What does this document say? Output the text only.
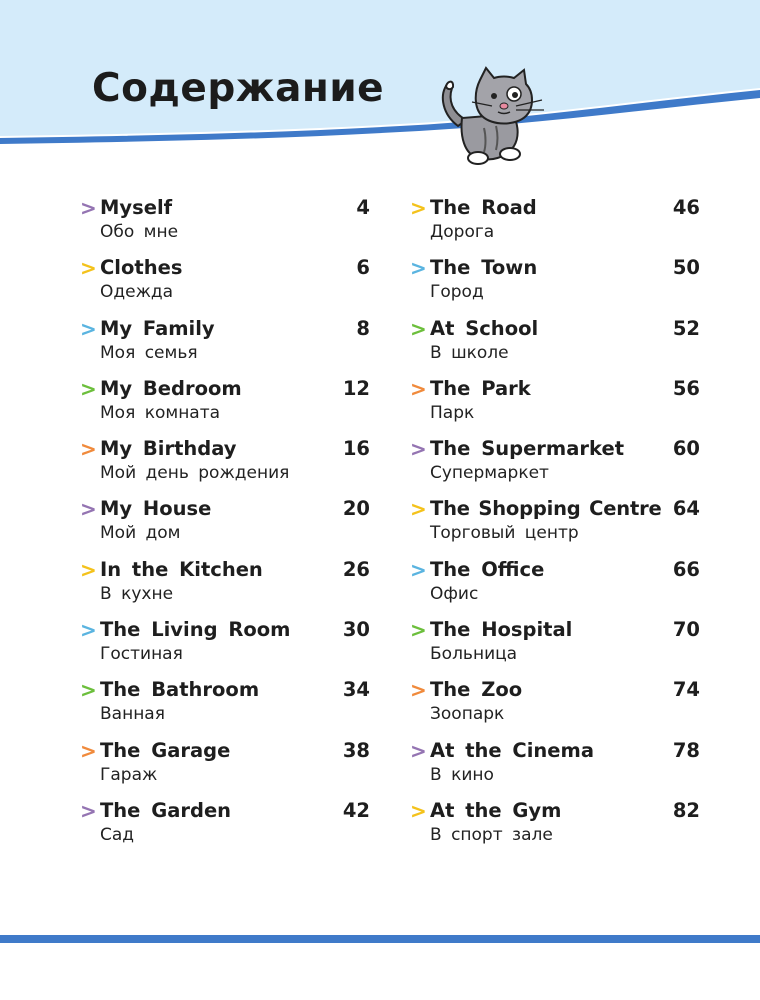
Содержание
> Myself
Обо мне
4
> Clothes
Одежда
6
> My Family
Моя семья
8
> My Bedroom
Моя комната
12
> My Birthday
Мой день рождения
16
> My House
Мой дом
20
> In the Kitchen
В кухне
26
> The Living Room
Гостиная
30
> The Bathroom
Ванная
34
> The Garage
Гараж
38
> The Garden
Сад
42
> The Road
Дорога
46
> The Town
Город
50
> At School
В школе
52
> The Park
Парк
56
> The Supermarket
Супермаркет
60
> The Shopping Centre
Торговый центр
64
> The Office
Офис
66
> The Hospital
Больница
70
> The Zoo
Зоопарк
74
> At the Cinema
В кино
78
> At the Gym
В спорт зале
82
